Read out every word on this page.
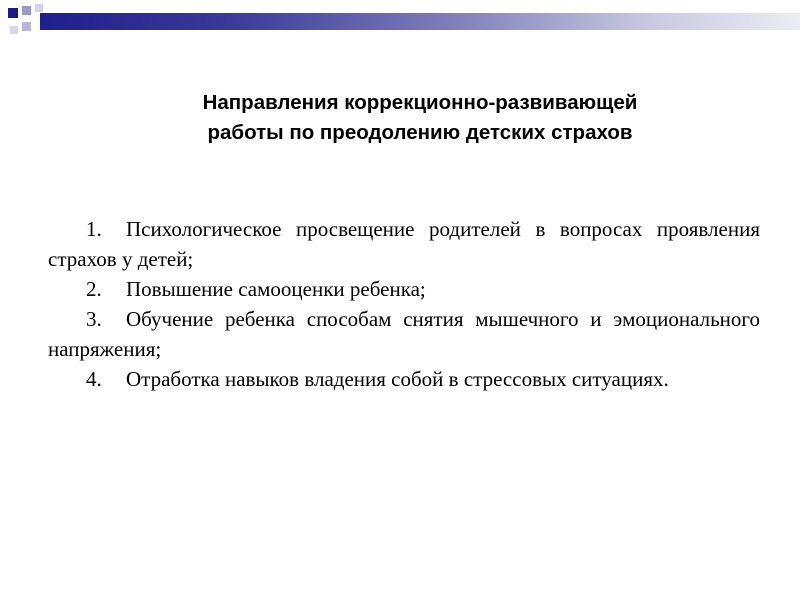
Направления коррекционно-развивающей
работы по преодолению детских страхов

1. Психологическое просвещение родителей в вопросах проявления страхов у детей;

2. Повышение самооценки ребенка;

3. Обучение ребенка способам снятия мышечного и эмоционального напряжения;

4. Отработка навыков владения собой в стрессовых ситуациях.
